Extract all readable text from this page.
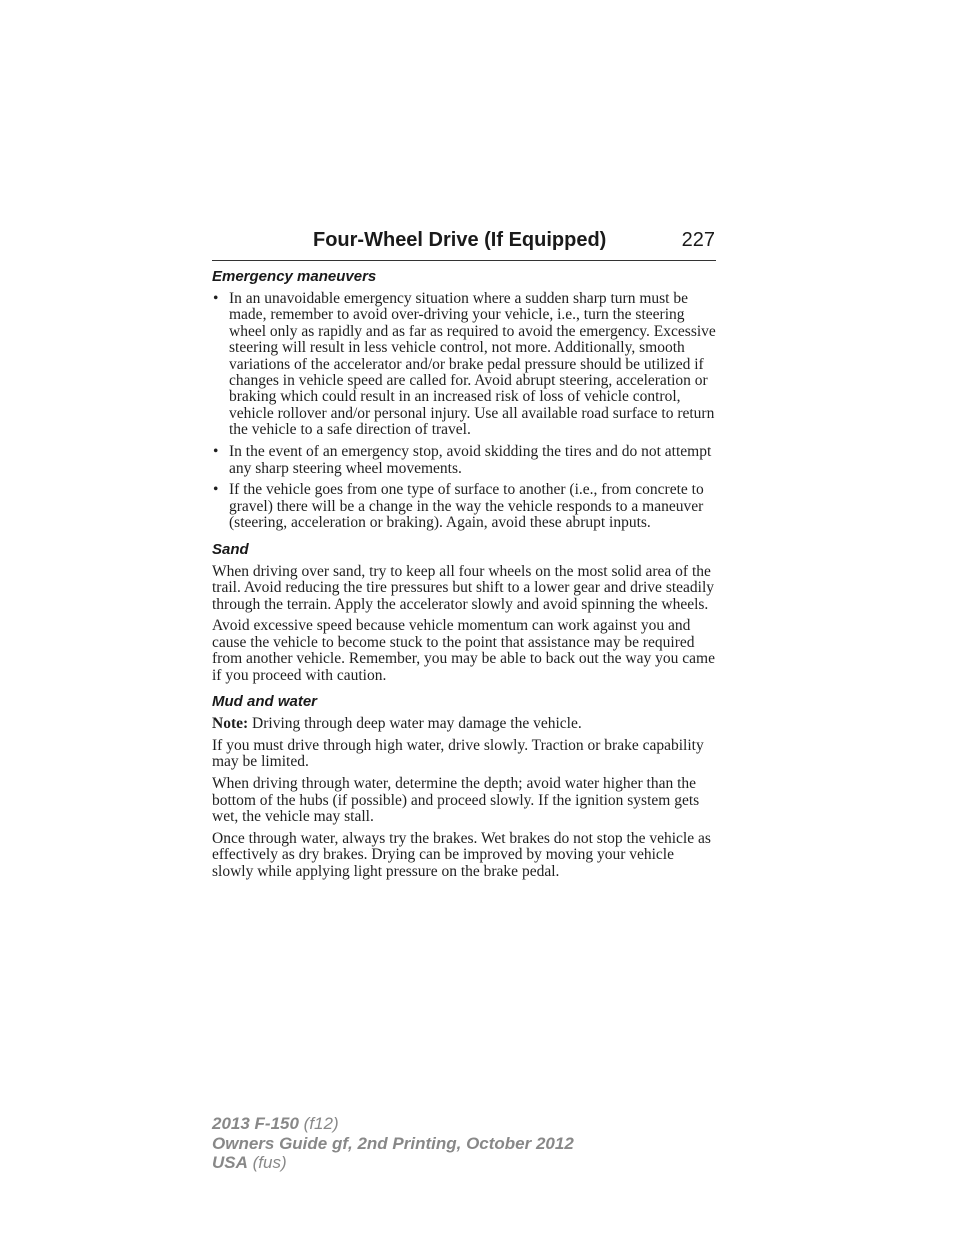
Four-Wheel Drive (If Equipped)	227
Emergency maneuvers
• In an unavoidable emergency situation where a sudden sharp turn must be made, remember to avoid over-driving your vehicle, i.e., turn the steering wheel only as rapidly and as far as required to avoid the emergency. Excessive steering will result in less vehicle control, not more. Additionally, smooth variations of the accelerator and/or brake pedal pressure should be utilized if changes in vehicle speed are called for. Avoid abrupt steering, acceleration or braking which could result in an increased risk of loss of vehicle control, vehicle rollover and/or personal injury. Use all available road surface to return the vehicle to a safe direction of travel.
• In the event of an emergency stop, avoid skidding the tires and do not attempt any sharp steering wheel movements.
• If the vehicle goes from one type of surface to another (i.e., from concrete to gravel) there will be a change in the way the vehicle responds to a maneuver (steering, acceleration or braking). Again, avoid these abrupt inputs.
Sand

When driving over sand, try to keep all four wheels on the most solid area of the trail. Avoid reducing the tire pressures but shift to a lower gear and drive steadily through the terrain. Apply the accelerator slowly and avoid spinning the wheels.

Avoid excessive speed because vehicle momentum can work against you and cause the vehicle to become stuck to the point that assistance may be required from another vehicle. Remember, you may be able to back out the way you came if you proceed with caution.

Mud and water

Note: Driving through deep water may damage the vehicle.

If you must drive through high water, drive slowly. Traction or brake capability may be limited.

When driving through water, determine the depth; avoid water higher than the bottom of the hubs (if possible) and proceed slowly. If the ignition system gets wet, the vehicle may stall.

Once through water, always try the brakes. Wet brakes do not stop the vehicle as effectively as dry brakes. Drying can be improved by moving your vehicle slowly while applying light pressure on the brake pedal.

2013 F-150 (f12)
Owners Guide gf, 2nd Printing, October 2012
USA (fus)
